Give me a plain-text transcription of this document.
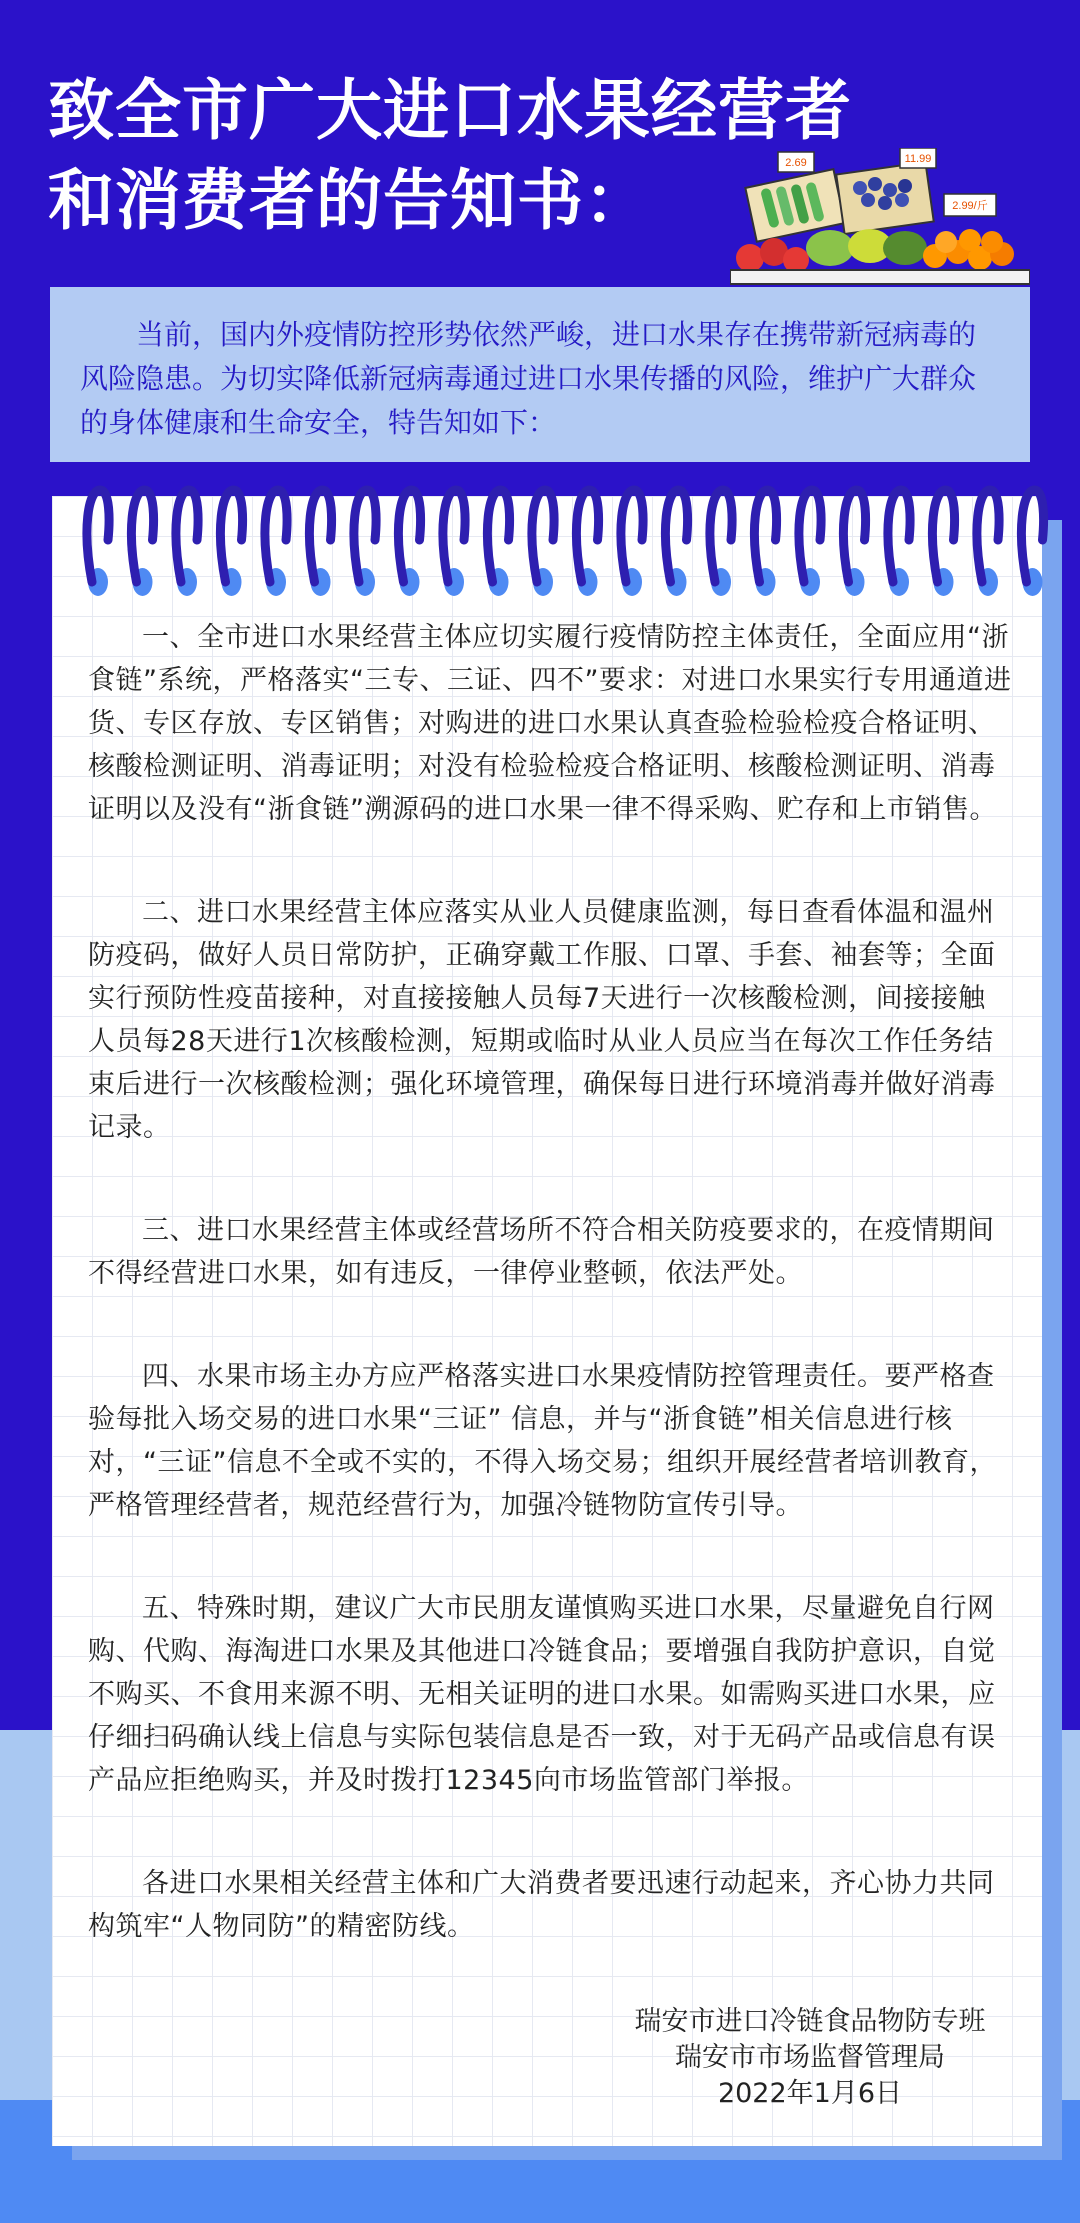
致全市广大进口水果经营者
和消费者的告知书：	2.69	11.99
2.99/斤

当前，国内外疫情防控形势依然严峻，进口水果存在携带新冠病毒的风险隐患。为切实降低新冠病毒通过进口水果传播的风险，维护广大群众的身体健康和生命安全，特告知如下：

一、全市进口水果经营主体应切实履行疫情防控主体责任，全面应用“浙食链”系统，严格落实“三专、三证、四不”要求：对进口水果实行专用通道进货、专区存放、专区销售；对购进的进口水果认真查验检验检疫合格证明、核酸检测证明、消毒证明；对没有检验检疫合格证明、核酸检测证明、消毒证明以及没有“浙食链”溯源码的进口水果一律不得采购、贮存和上市销售。

二、进口水果经营主体应落实从业人员健康监测，每日查看体温和温州防疫码，做好人员日常防护，正确穿戴工作服、口罩、手套、袖套等；全面实行预防性疫苗接种，对直接接触人员每7天进行一次核酸检测，间接接触人员每28天进行1次核酸检测，短期或临时从业人员应当在每次工作任务结束后进行一次核酸检测；强化环境管理，确保每日进行环境消毒并做好消毒记录。

三、进口水果经营主体或经营场所不符合相关防疫要求的，在疫情期间不得经营进口水果，如有违反，一律停业整顿，依法严处。

四、水果市场主办方应严格落实进口水果疫情防控管理责任。要严格查验每批入场交易的进口水果“三证” 信息，并与“浙食链”相关信息进行核对，“三证”信息不全或不实的，不得入场交易；组织开展经营者培训教育，严格管理经营者，规范经营行为，加强冷链物防宣传引导。

五、特殊时期，建议广大市民朋友谨慎购买进口水果，尽量避免自行网购、代购、海淘进口水果及其他进口冷链食品；要增强自我防护意识，自觉不购买、不食用来源不明、无相关证明的进口水果。如需购买进口水果，应仔细扫码确认线上信息与实际包装信息是否一致，对于无码产品或信息有误产品应拒绝购买，并及时拨打12345向市场监管部门举报。

各进口水果相关经营主体和广大消费者要迅速行动起来，齐心协力共同构筑牢“人物同防”的精密防线。

瑞安市进口冷链食品物防专班
瑞安市市场监督管理局
2022年1月6日
